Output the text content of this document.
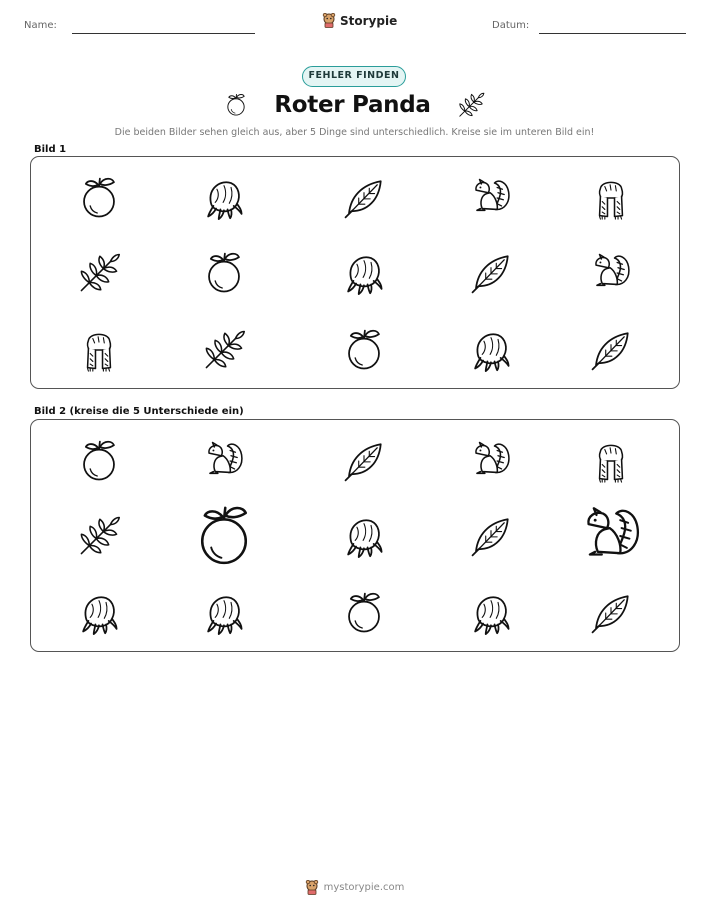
Name:	Storypie	Datum:
FEHLER FINDEN
Roter Panda
Die beiden Bilder sehen gleich aus, aber 5 Dinge sind unterschiedlich. Kreise sie im unteren Bild ein!
Bild 1
Bild 2 (kreise die 5 Unterschiede ein)
mystorypie.com
